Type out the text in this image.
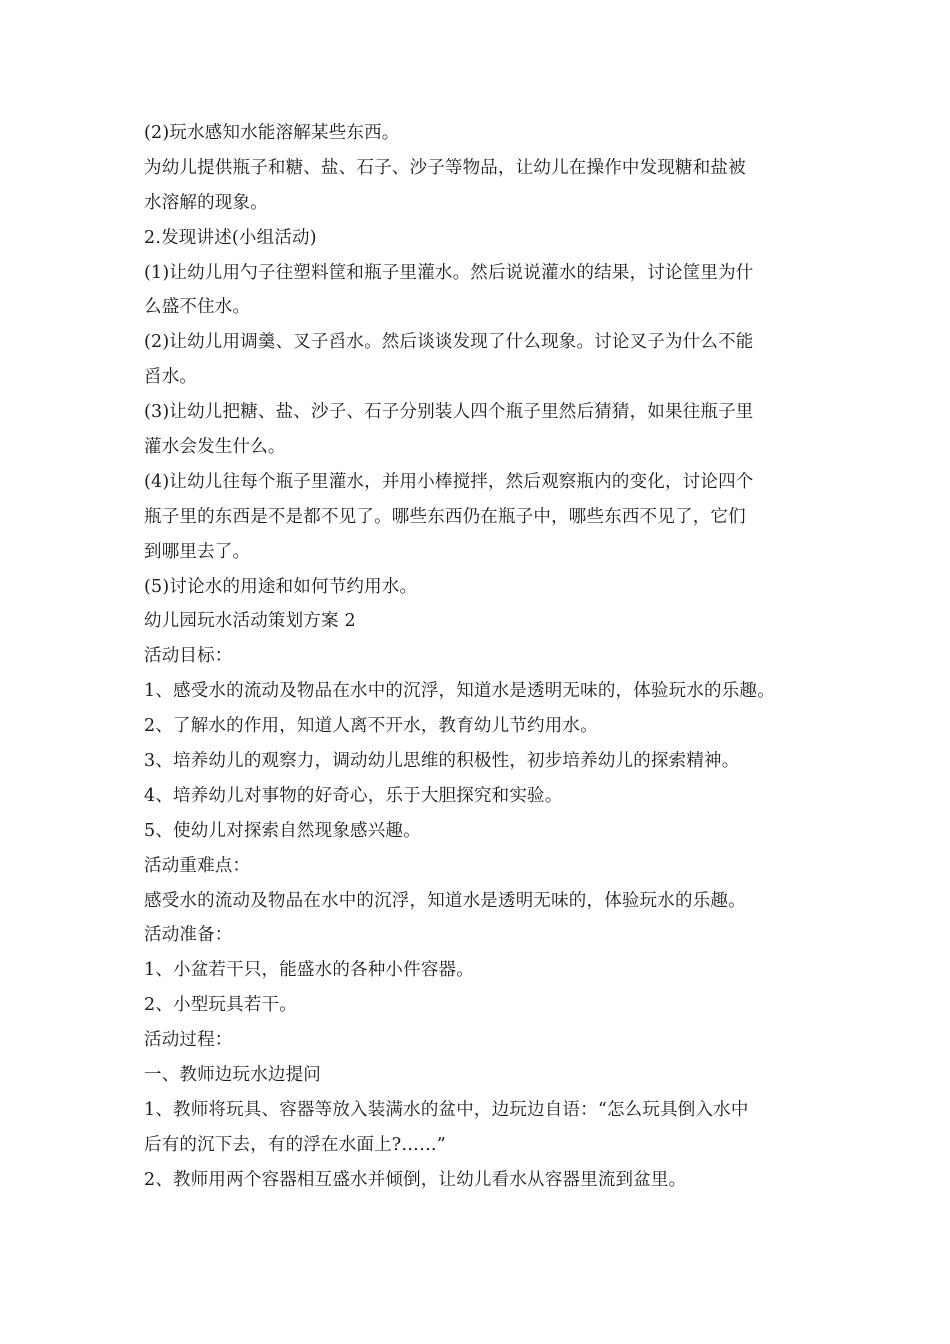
(2)玩水感知水能溶解某些东西。
为幼儿提供瓶子和糖、盐、石子、沙子等物品，让幼儿在操作中发现糖和盐被
水溶解的现象。
2.发现讲述(小组活动)
(1)让幼儿用勺子往塑料筐和瓶子里灌水。然后说说灌水的结果，讨论筐里为什
么盛不住水。
(2)让幼儿用调羹、叉子舀水。然后谈谈发现了什么现象。讨论叉子为什么不能
舀水。
(3)让幼儿把糖、盐、沙子、石子分别装人四个瓶子里然后猜猜，如果往瓶子里
灌水会发生什么。
(4)让幼儿往每个瓶子里灌水，并用小棒搅拌，然后观察瓶内的变化，讨论四个
瓶子里的东西是不是都不见了。哪些东西仍在瓶子中，哪些东西不见了，它们
到哪里去了。
(5)讨论水的用途和如何节约用水。
幼儿园玩水活动策划方案 2
活动目标：
1、感受水的流动及物品在水中的沉浮，知道水是透明无味的，体验玩水的乐趣。
2、了解水的作用，知道人离不开水，教育幼儿节约用水。
3、培养幼儿的观察力，调动幼儿思维的积极性，初步培养幼儿的探索精神。
4、培养幼儿对事物的好奇心，乐于大胆探究和实验。
5、使幼儿对探索自然现象感兴趣。
活动重难点：
感受水的流动及物品在水中的沉浮，知道水是透明无味的，体验玩水的乐趣。
活动准备：
1、小盆若干只，能盛水的各种小件容器。
2、小型玩具若干。
活动过程：
一、教师边玩水边提问
1、教师将玩具、容器等放入装满水的盆中，边玩边自语：“怎么玩具倒入水中
后有的沉下去，有的浮在水面上?……”
2、教师用两个容器相互盛水并倾倒，让幼儿看水从容器里流到盆里。
